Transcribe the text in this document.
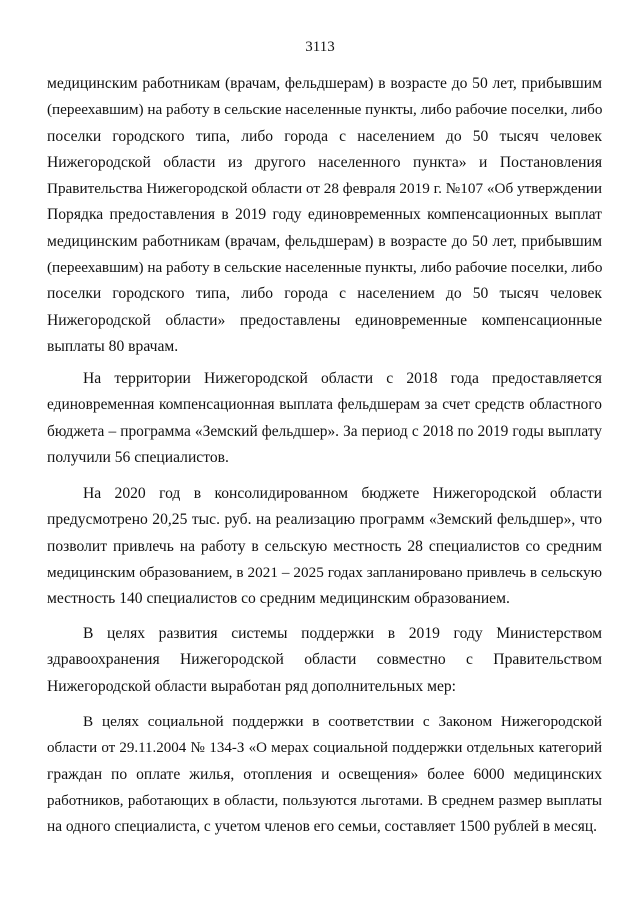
3113
медицинским работникам (врачам, фельдшерам) в возрасте до 50 лет, прибывшим
(переехавшим) на работу в сельские населенные пункты, либо рабочие поселки, либо
поселки городского типа, либо города с населением до 50 тысяч человек
Нижегородской области из другого населенного пункта» и Постановления
Правительства Нижегородской области от 28 февраля 2019 г. №107 «Об утверждении
Порядка предоставления в 2019 году единовременных компенсационных выплат
медицинским работникам (врачам, фельдшерам) в возрасте до 50 лет, прибывшим
(переехавшим) на работу в сельские населенные пункты, либо рабочие поселки, либо
поселки городского типа, либо города с населением до 50 тысяч человек
Нижегородской области» предоставлены единовременные компенсационные
выплаты 80 врачам.
На территории Нижегородской области с 2018 года предоставляется
единовременная компенсационная выплата фельдшерам за счет средств областного
бюджета – программа «Земский фельдшер». За период с 2018 по 2019 годы выплату
получили 56 специалистов.
На 2020 год в консолидированном бюджете Нижегородской области
предусмотрено 20,25 тыс. руб. на реализацию программ «Земский фельдшер», что
позволит привлечь на работу в сельскую местность 28 специалистов со средним
медицинским образованием, в 2021 – 2025 годах запланировано привлечь в сельскую
местность 140 специалистов со средним медицинским образованием.
В целях развития системы поддержки в 2019 году Министерством
здравоохранения Нижегородской области совместно с Правительством
Нижегородской области выработан ряд дополнительных мер:
В целях социальной поддержки в соответствии с Законом Нижегородской
области от 29.11.2004 № 134-З «О мерах социальной поддержки отдельных категорий
граждан по оплате жилья, отопления и освещения» более 6000 медицинских
работников, работающих в области, пользуются льготами. В среднем размер выплаты
на одного специалиста, с учетом членов его семьи, составляет 1500 рублей в месяц.
